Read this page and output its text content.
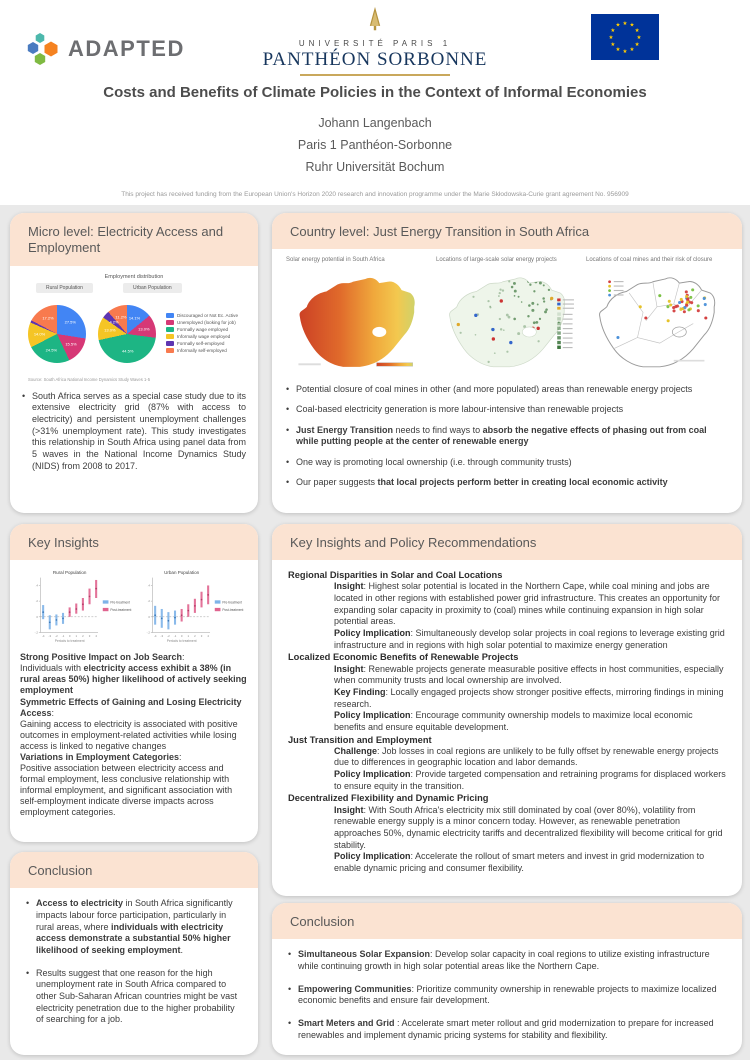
ADAPTED	UNIVERSITÉ PARIS 1
PANTHÉON SORBONNE
★ ★
★
★
★
★
★
★
★
★
★
★
Costs and Benefits of Climate Policies in the Context of Informal Economies
Johann Langenbach
Paris 1 Panthéon-Sorbonne
Ruhr Universität Bochum
This project has received funding from the European Union's Horizon 2020 research and innovation programme under the Marie Skłodowska-Curie grant agreement No. 956909
Micro level: Electricity Access and Employment
Employment distribution
Rural Population	Urban Population
27.5%
15.5%
24.5%
14.0%
17.2%	14.1%
13.0%
44.5%
13.0%
4.2%
11.2%	Discouraged or Not Ec. Active
Unemployed (looking for job)
Formally wage employed
Informally wage employed
Formally self-employed
Informally self-employed
Source: South Africa National Income Dynamics Study Waves 1-5
• South Africa serves as a special case study due to its extensive electricity grid (87% with access to electricity) and persistent unemployment challenges (>31% unemployment rate). This study investigates this relationship in South Africa using panel data from 5 waves in the National Income Dynamics Study (NIDS) from 2008 to 2017.
Country level: Just Energy Transition in South Africa
Solar energy potential in South Africa	Locations of large-scale solar energy projects	Locations of coal mines and their risk of closure
• Potential closure of coal mines in other (and more populated) areas than renewable energy projects
• Coal-based electricity generation is more labour-intensive than renewable projects
• Just Energy Transition needs to find ways to absorb the negative effects of phasing out from coal while putting people at the center of renewable energy
• One way is promoting local ownership (i.e. through community trusts)
• Our paper suggests that local projects perform better in creating local economic activity
Key Insights
Rural Population
-.2
0
.2
.4
-4 -3 -2 -1 0 1 2 3 4
Periods to treatment
Pre-treatment
Post-treatment
Urban Population
-.2
0
.2
.4
-4 -3 -2 -1 0 1 2 3 4
Periods to treatment
Pre-treatment
Post-treatment
Strong Positive Impact on Job Search:
Individuals with electricity access exhibit a 38% (in rural areas 50%) higher likelihood of actively seeking employment
Symmetric Effects of Gaining and Losing Electricity Access:
Gaining access to electricity is associated with positive outcomes in employment-related activities while losing access is linked to negative changes
Variations in Employment Categories:
Positive association between electricity access and formal employment, less conclusive relationship with informal employment, and significant association with self-employment indicate diverse impacts across employment categories.
Key Insights and Policy Recommendations
Regional Disparities in Solar and Coal Locations
Insight: Highest solar potential is located in the Northern Cape, while coal mining and jobs are located in other regions with established power grid infrastructure. This creates an opportunity for expanding solar capacity in proximity to (coal) mines while continuing expansion in high solar potential areas.
Policy Implication: Simultaneously develop solar projects in coal regions to leverage existing grid infrastructure and in regions with high solar potential to maximize energy generation
Localized Economic Benefits of Renewable Projects
Insight: Renewable projects generate measurable positive effects in host communities, especially when community trusts and local ownership are involved.
Key Finding: Locally engaged projects show stronger positive effects, mirroring findings in mining research.
Policy Implication: Encourage community ownership models to maximize local economic benefits and ensure equitable development.
Just Transition and Employment
Challenge: Job losses in coal regions are unlikely to be fully offset by renewable energy projects due to differences in geographic location and labor demands.
Policy Implication: Provide targeted compensation and retraining programs for displaced workers to ensure equity in the transition.
Decentralized Flexibility and Dynamic Pricing
Insight: With South Africa's electricity mix still dominated by coal (over 80%), volatility from renewable energy supply is a minor concern today. However, as renewable penetration approaches 50%, dynamic electricity tariffs and decentralized flexibility will become critical for grid stability.
Policy Implication: Accelerate the rollout of smart meters and invest in grid modernization to enable dynamic pricing and consumer flexibility.
Conclusion
• Access to electricity in South Africa significantly impacts labour force participation, particularly in rural areas, where individuals with electricity access demonstrate a substantial 50% higher likelihood of seeking employment.
• Results suggest that one reason for the high unemployment rate in South Africa compared to other Sub-Saharan African countries might be vast electricity penetration due to the higher probability of searching for a job.
Conclusion
• Simultaneous Solar Expansion: Develop solar capacity in coal regions to utilize existing infrastructure while continuing growth in high solar potential areas like the Northern Cape.
• Empowering Communities: Prioritize community ownership in renewable projects to maximize localized economic benefits and ensure fair development.
• Smart Meters and Grid : Accelerate smart meter rollout and grid modernization to prepare for increased renewables and implement dynamic pricing systems for stability and flexibility.
